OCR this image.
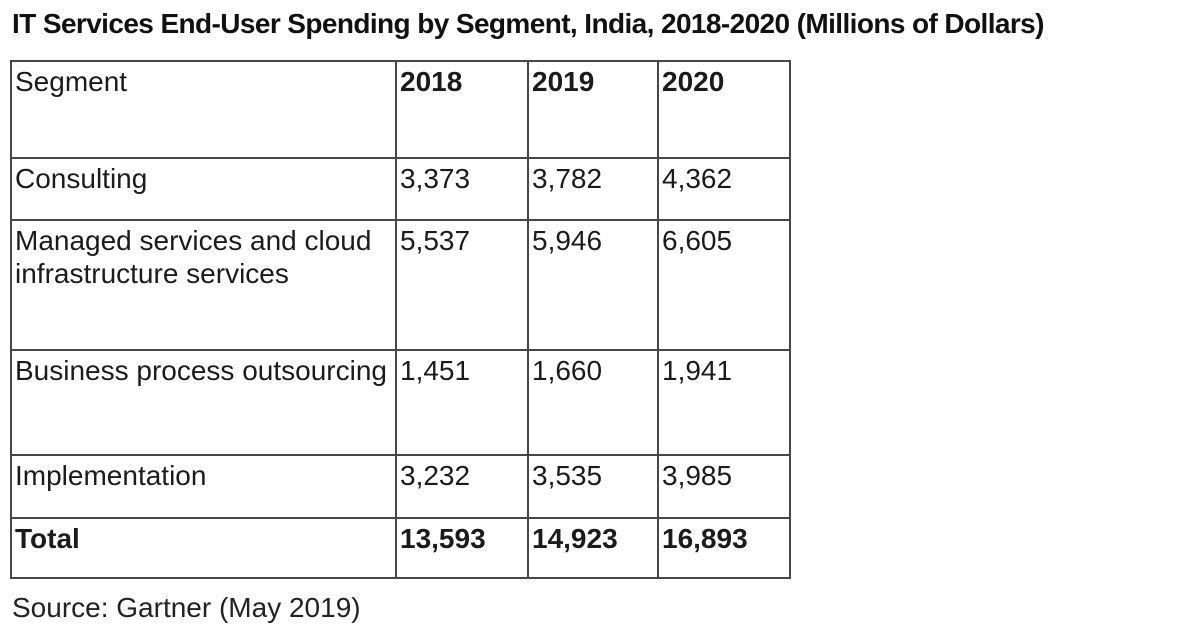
IT Services End-User Spending by Segment, India, 2018-2020 (Millions of Dollars)
Segment	2018	2019	2020
Consulting	3,373	3,782	4,362
Managed services and cloud infrastructure services	5,537	5,946	6,605
Business process outsourcing	1,451	1,660	1,941
Implementation	3,232	3,535	3,985
Total	13,593	14,923	16,893
Source: Gartner (May 2019)
